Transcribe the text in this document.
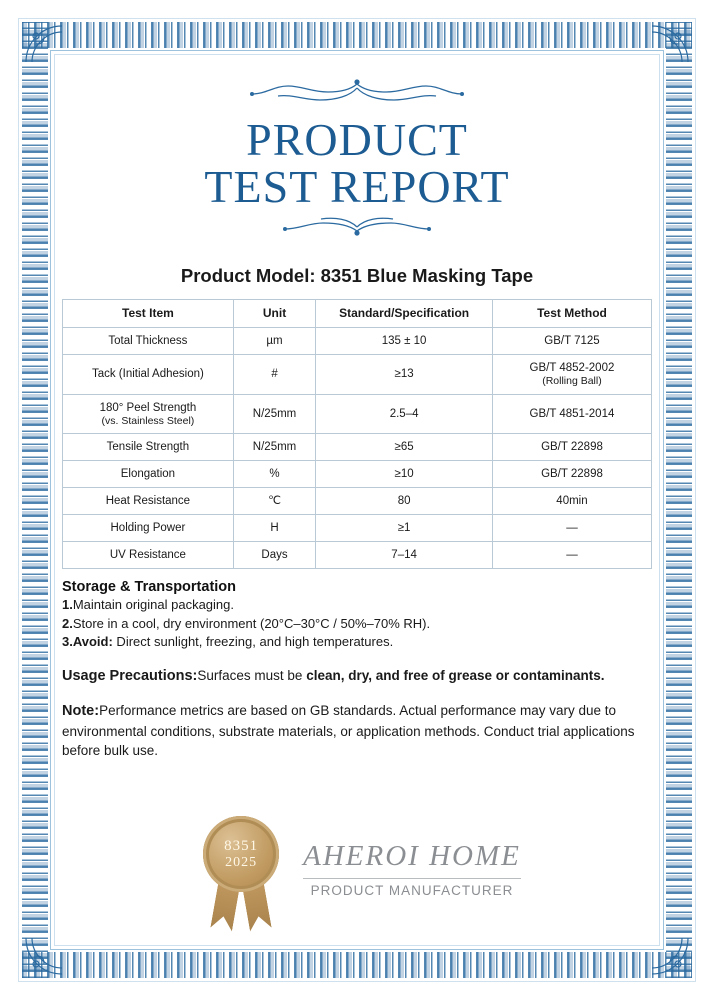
PRODUCT
TEST REPORT
Product Model: 8351 Blue Masking Tape
Test Item	Unit	Standard/Specification	Test Method
Total Thickness	µm	135 ± 10	GB/T 7125
Tack (Initial Adhesion)	#	≥13	GB/T 4852-2002
(Rolling Ball)

180° Peel Strength
(vs. Stainless Steel)	N/25mm	2.5–4	GB/T 4851-2014
Tensile Strength	N/25mm	≥65	GB/T 22898
Elongation	%	≥10	GB/T 22898
Heat Resistance	℃	80	40min
Holding Power	H	≥1	—
UV Resistance	Days	7–14	—
Storage & Transportation
1.Maintain original packaging.
2.Store in a cool, dry environment (20°C–30°C / 50%–70% RH).
3.Avoid: Direct sunlight, freezing, and high temperatures.
Usage Precautions:Surfaces must be clean, dry, and free of grease or contaminants.
Note:Performance metrics are based on GB standards. Actual performance may vary due to environmental conditions, substrate materials, or application methods. Conduct trial applications before bulk use.
8351
2025 AHEROI HOME
PRODUCT MANUFACTURER
